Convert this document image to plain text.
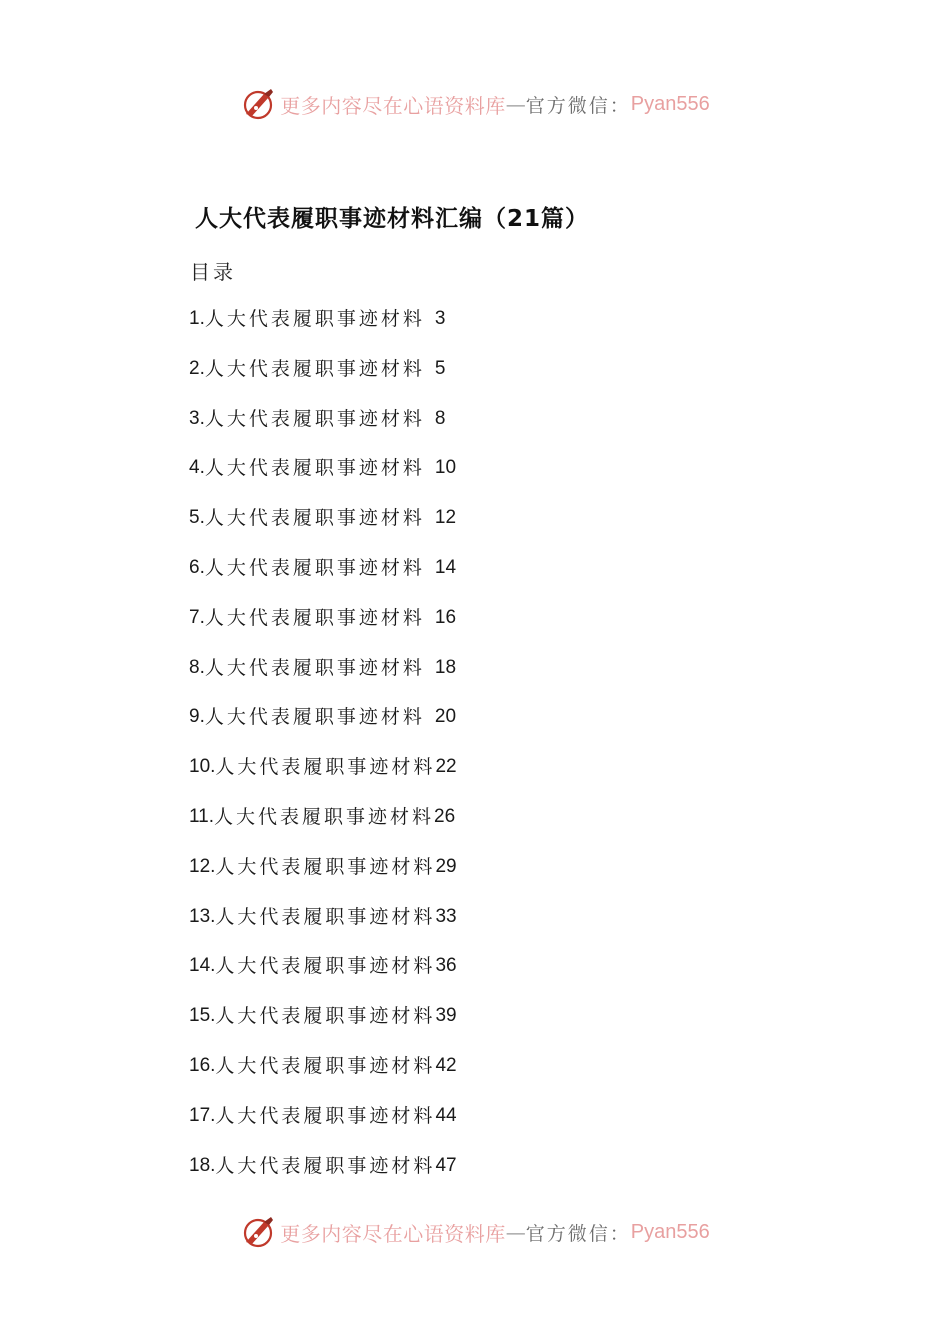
更多内容尽在心语资料库 — 官方微信： Pyan556
人大代表履职事迹材料汇编（21篇）
目录
1. 人大代表履职事迹材料 3
2. 人大代表履职事迹材料 5
3. 人大代表履职事迹材料 8
4. 人大代表履职事迹材料 10
5. 人大代表履职事迹材料 12
6. 人大代表履职事迹材料 14
7. 人大代表履职事迹材料 16
8. 人大代表履职事迹材料 18
9. 人大代表履职事迹材料 20
10. 人大代表履职事迹材料 22
11. 人大代表履职事迹材料 26
12. 人大代表履职事迹材料 29
13. 人大代表履职事迹材料 33
14. 人大代表履职事迹材料 36
15. 人大代表履职事迹材料 39
16. 人大代表履职事迹材料 42
17. 人大代表履职事迹材料 44
18. 人大代表履职事迹材料 47
更多内容尽在心语资料库 — 官方微信： Pyan556
